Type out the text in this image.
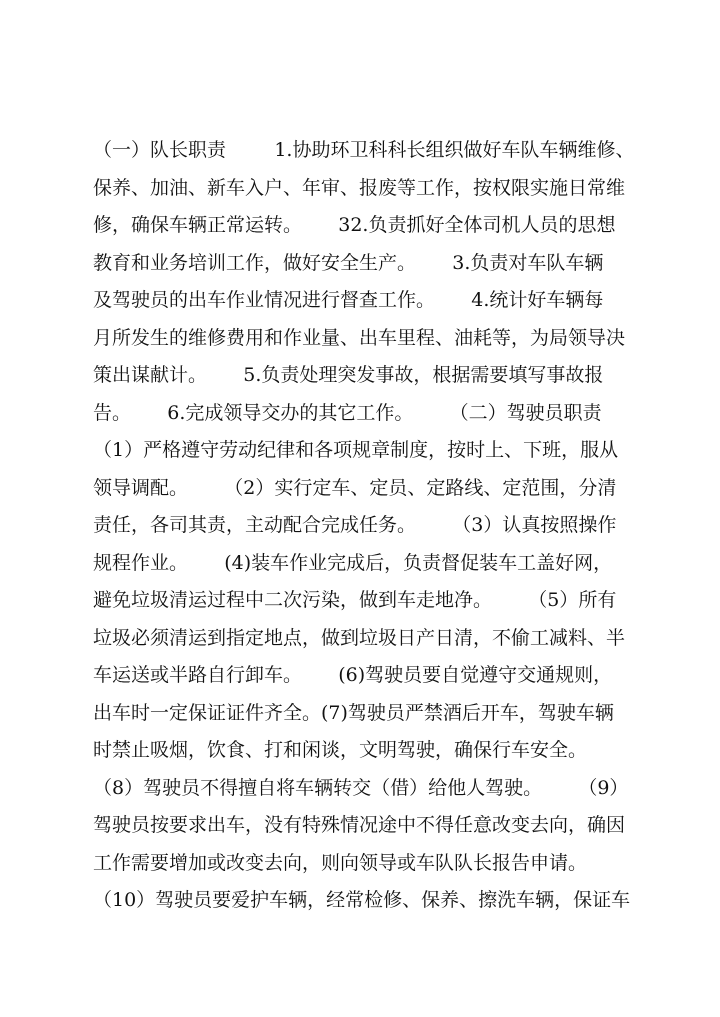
（一）队长职责        1.协助环卫科科长组织做好车队车辆维修、
保养、加油、新车入户、年审、报废等工作，按权限实施日常维
修，确保车辆正常运转。      32.负责抓好全体司机人员的思想
教育和业务培训工作，做好安全生产。      3.负责对车队车辆
及驾驶员的出车作业情况进行督查工作。      4.统计好车辆每
月所发生的维修费用和作业量、出车里程、油耗等，为局领导决
策出谋献计。      5.负责处理突发事故，根据需要填写事故报
告。      6.完成领导交办的其它工作。      （二）驾驶员职责
（1）严格遵守劳动纪律和各项规章制度，按时上、下班，服从
领导调配。      （2）实行定车、定员、定路线、定范围，分清
责任，各司其责，主动配合完成任务。      （3）认真按照操作
规程作业。      (4)装车作业完成后，负责督促装车工盖好网，
避免垃圾清运过程中二次污染，做到车走地净。      （5）所有
垃圾必须清运到指定地点，做到垃圾日产日清，不偷工减料、半
车运送或半路自行卸车。      (6)驾驶员要自觉遵守交通规则，
出车时一定保证证件齐全。(7)驾驶员严禁酒后开车，驾驶车辆
时禁止吸烟，饮食、打和闲谈，文明驾驶，确保行车安全。
（8）驾驶员不得擅自将车辆转交（借）给他人驾驶。      （9）
驾驶员按要求出车，没有特殊情况途中不得任意改变去向，确因
工作需要增加或改变去向，则向领导或车队队长报告申请。
（10）驾驶员要爱护车辆，经常检修、保养、擦洗车辆，保证车
